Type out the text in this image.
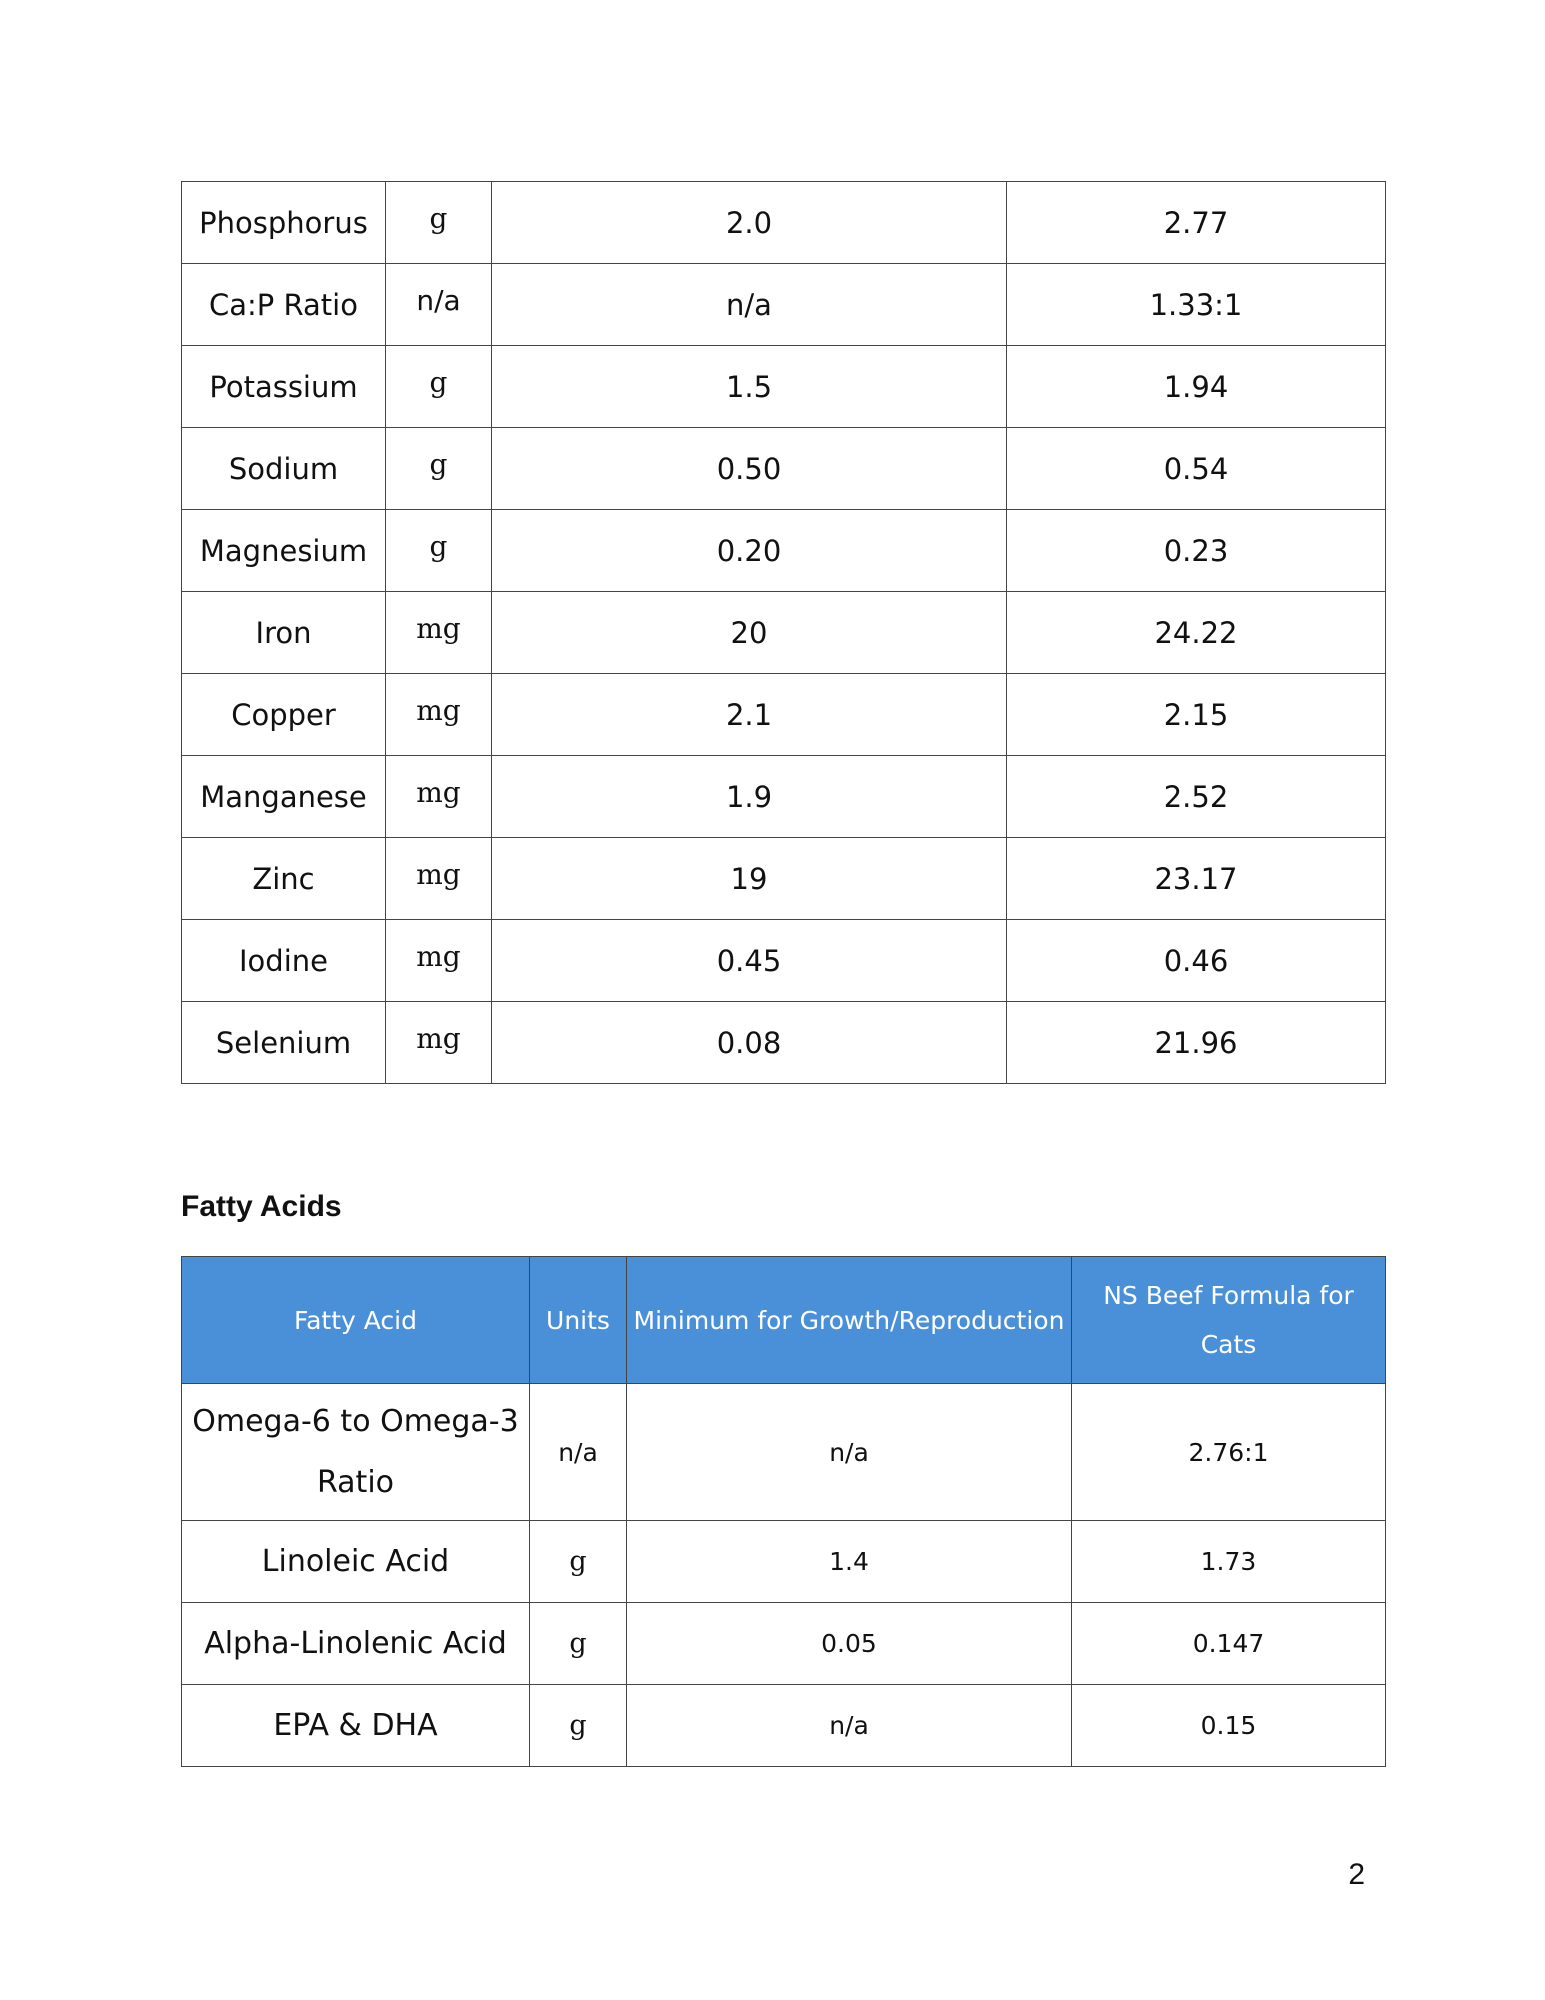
Phosphorus	g	2.0	2.77
Ca:P Ratio	n/a	n/a	1.33:1
Potassium	g	1.5	1.94
Sodium	g	0.50	0.54
Magnesium	g	0.20	0.23
Iron	mg	20	24.22
Copper	mg	2.1	2.15
Manganese	mg	1.9	2.52
Zinc	mg	19	23.17
Iodine	mg	0.45	0.46
Selenium	mg	0.08	21.96
Fatty Acids
Fatty Acid	Units	Minimum for Growth/Reproduction	NS Beef Formula for Cats
Omega-6 to Omega-3 Ratio	n/a	n/a	2.76:1
Linoleic Acid	g	1.4	1.73
Alpha-Linolenic Acid	g	0.05	0.147
EPA & DHA	g	n/a	0.15
2
